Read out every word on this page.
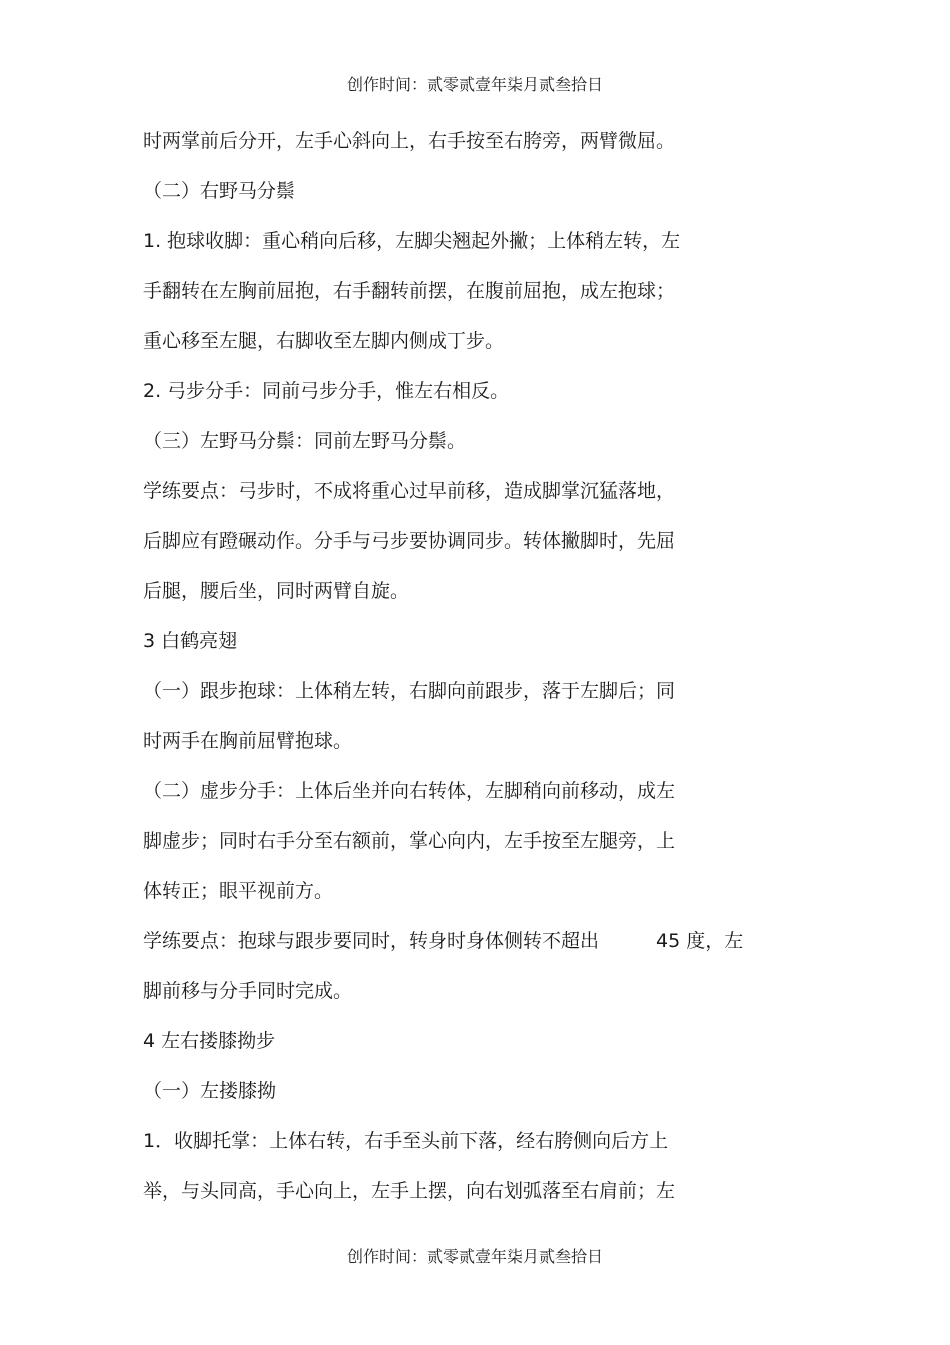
创作时间：贰零贰壹年柒月贰叁拾日
时两掌前后分开，左手心斜向上，右手按至右胯旁，两臂微屈。
（二）右野马分鬃
1. 抱球收脚：重心稍向后移，左脚尖翘起外撇；上体稍左转，左
手翻转在左胸前屈抱，右手翻转前摆，在腹前屈抱，成左抱球；
重心移至左腿，右脚收至左脚内侧成丁步。
2. 弓步分手：同前弓步分手，惟左右相反。
（三）左野马分鬃：同前左野马分鬃。
学练要点：弓步时，不成将重心过早前移，造成脚掌沉猛落地，
后脚应有蹬碾动作。分手与弓步要协调同步。转体撇脚时，先屈
后腿，腰后坐，同时两臂自旋。
3 白鹤亮翅
（一）跟步抱球：上体稍左转，右脚向前跟步，落于左脚后；同
时两手在胸前屈臂抱球。
（二）虚步分手：上体后坐并向右转体，左脚稍向前移动，成左
脚虚步；同时右手分至右额前，掌心向内，左手按至左腿旁，上
体转正；眼平视前方。
学练要点：抱球与跟步要同时，转身时身体侧转不超出　　　45 度，左
脚前移与分手同时完成。
4 左右搂膝拗步
（一）左搂膝拗
1．收脚托掌：上体右转，右手至头前下落，经右胯侧向后方上
举，与头同高，手心向上，左手上摆，向右划弧落至右肩前；左
创作时间：贰零贰壹年柒月贰叁拾日
